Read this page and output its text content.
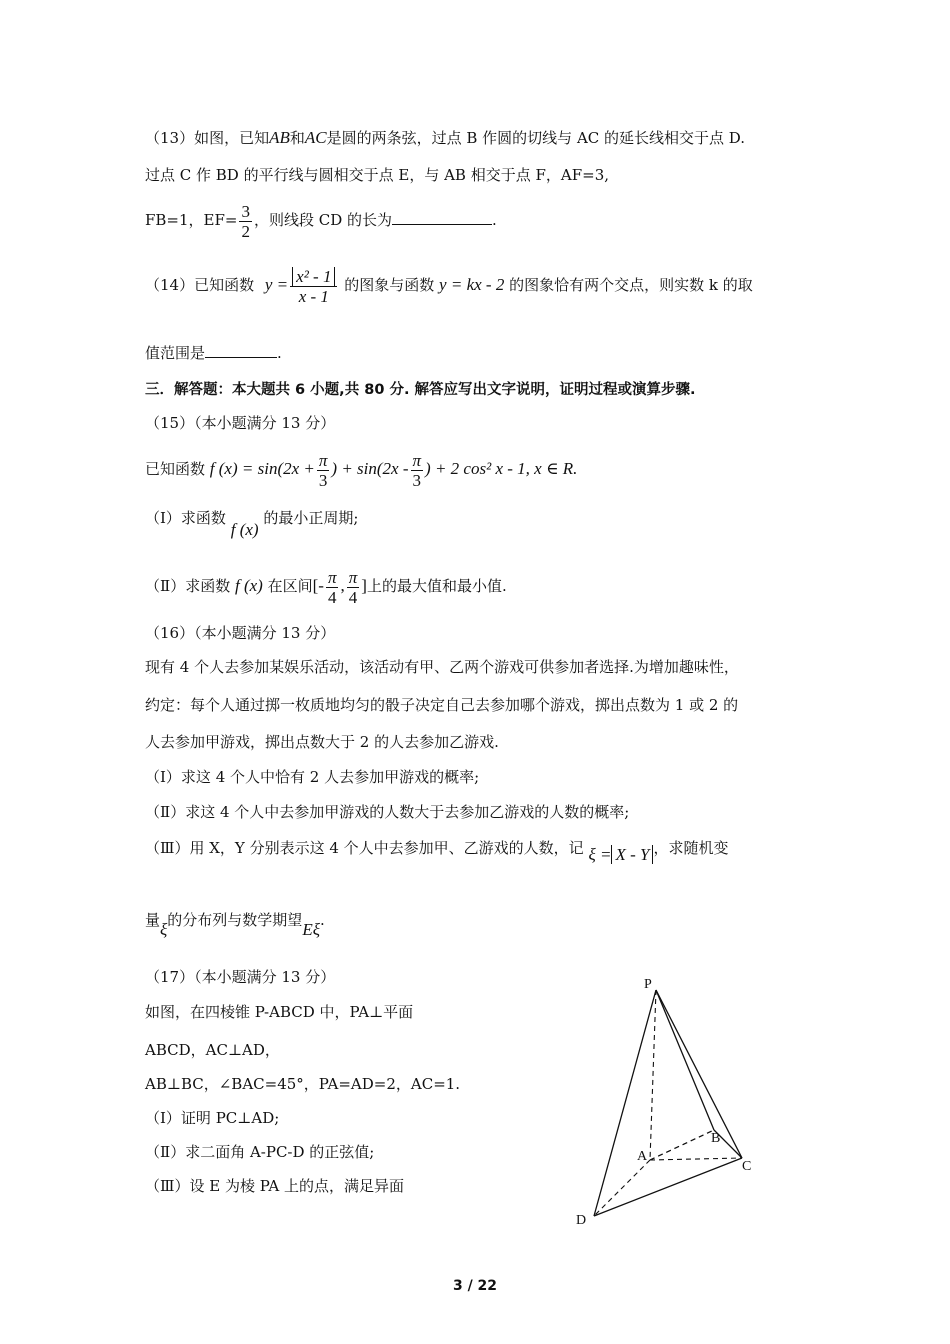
（13）如图，已知AB和AC是圆的两条弦，过点 B 作圆的切线与 AC 的延长线相交于点 D.
过点 C 作 BD 的平行线与圆相交于点 E，与 AB 相交于点 F，AF=3,
FB=1，$EF= \frac{3}{2}$ ，则线段 CD 的长为	.
（14）已知函数 $y = \frac{\text{x² - 1}}{x - 1}$ 的图象与函数 y = kx - 2 的图象恰有两个交点，则实数 k 的取
值范围是	.
三．解答题：本大题共 6 小题,共 80 分. 解答应写出文字说明，证明过程或演算步骤.
（15）（本小题满分 13 分）
已知函数 f $(x) = \sin(2x + \frac{\pi}{3}$ ) + $\sin(2x - \frac{\pi}{3}$ ) + 2 cos² x - 1, x ∈ R.
（Ⅰ）求函数 f (x) 的最小正周期;
（Ⅱ）求函数 f (x) 在区间[- $\frac{\pi}{4}$ , $\frac{\pi}{4}$ ]上的最大值和最小值.
（16）（本小题满分 13 分）
现有 4 个人去参加某娱乐活动，该活动有甲、乙两个游戏可供参加者选择.为增加趣味性，
约定：每个人通过掷一枚质地均匀的骰子决定自己去参加哪个游戏，掷出点数为 1 或 2 的
人去参加甲游戏，掷出点数大于 2 的人去参加乙游戏.
（Ⅰ）求这 4 个人中恰有 2 人去参加甲游戏的概率;
（Ⅱ）求这 4 个人中去参加甲游戏的人数大于去参加乙游戏的人数的概率;
（Ⅲ）用 X，Y 分别表示这 4 个人中去参加甲、乙游戏的人数，记 ξ = X - Y ，求随机变
量ξ的分布列与数学期望Eξ.
（17）（本小题满分 13 分）
如图，在四棱锥 P-ABCD 中，PA⊥平面
ABCD，AC⊥AD，
AB⊥BC，∠BAC=45°，PA=AD=2，AC=1.
（Ⅰ）证明 PC⊥AD;
（Ⅱ）求二面角 A-PC-D 的正弦值;
（Ⅲ）设 E 为棱 PA 上的点，满足异面
P
A
B
C
D
3 / 22
